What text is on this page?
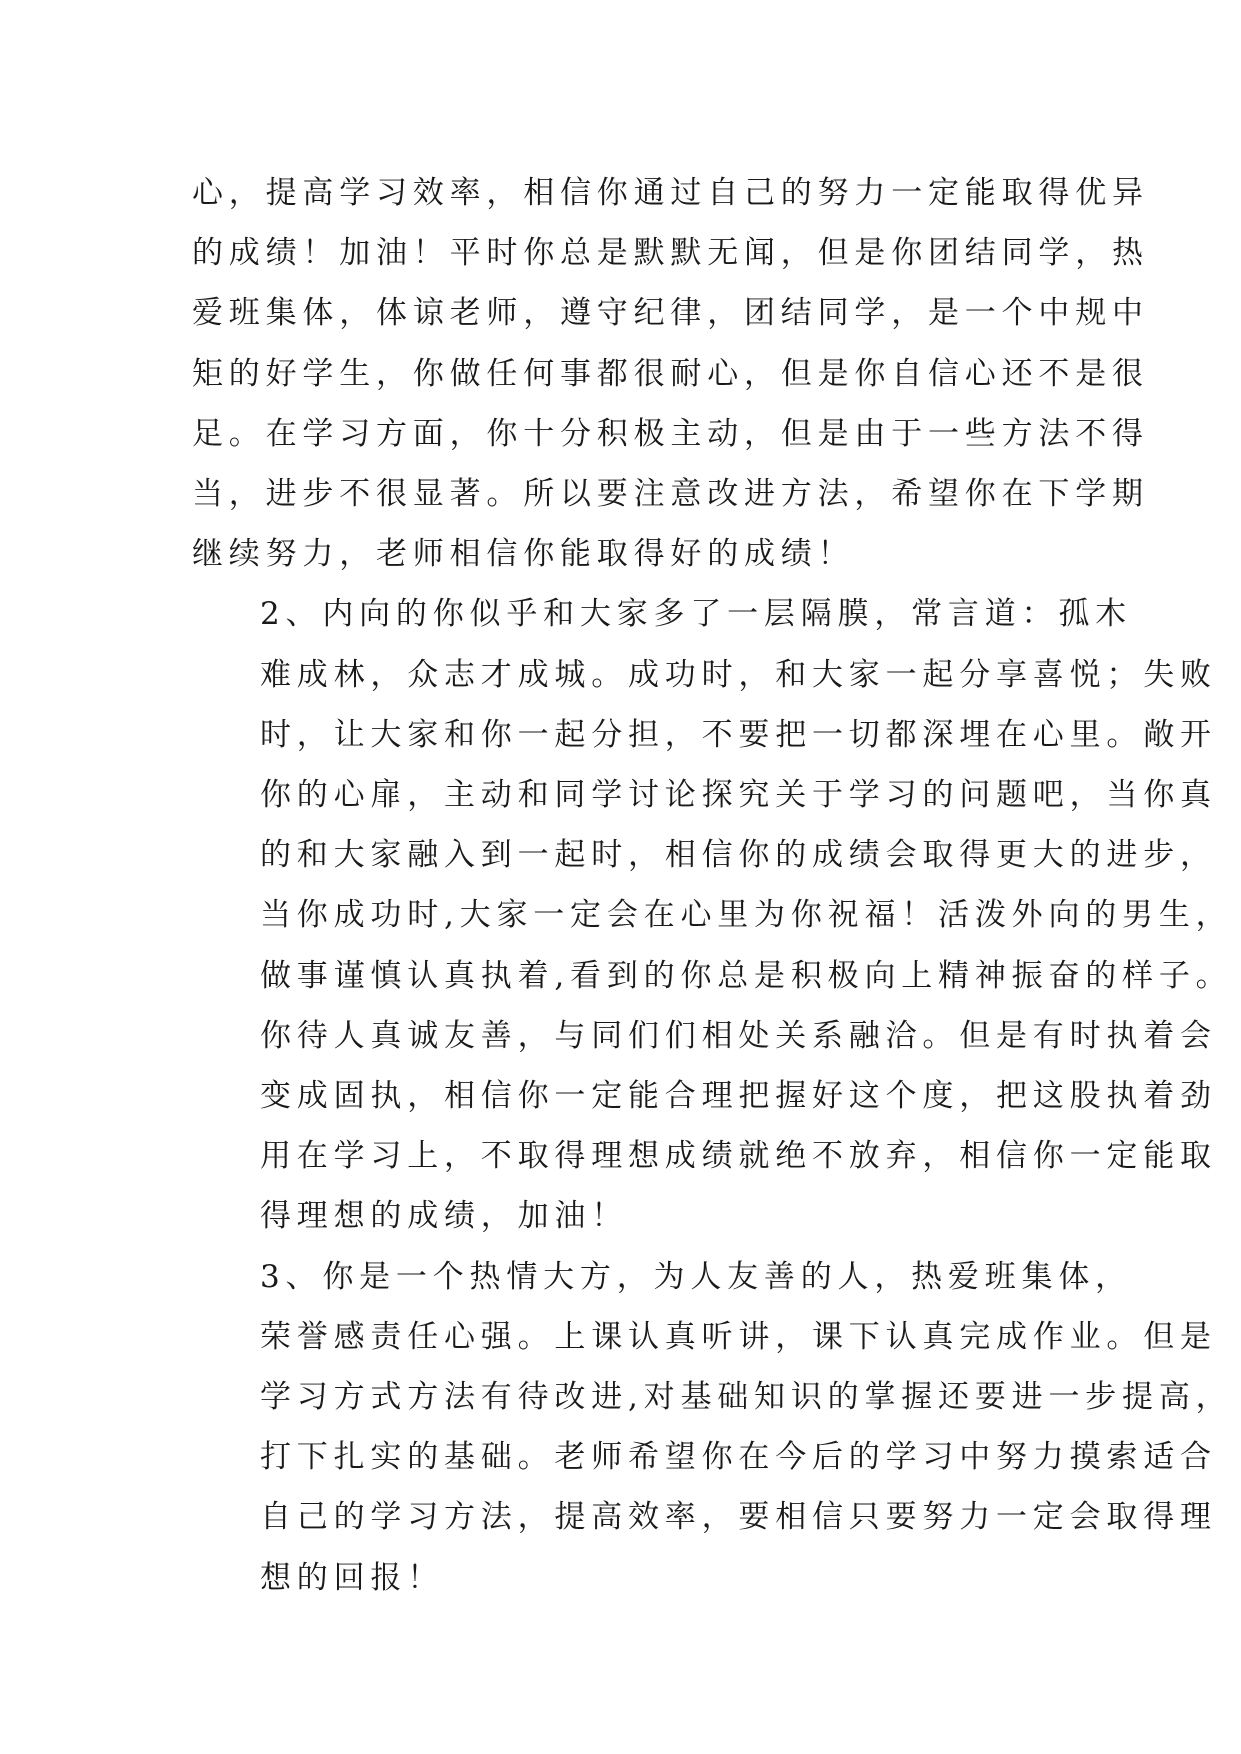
心，提高学习效率，相信你通过自己的努力一定能取得优异
的成绩！加油！平时你总是默默无闻，但是你团结同学，热
爱班集体，体谅老师，遵守纪律，团结同学，是一个中规中
矩的好学生，你做任何事都很耐心，但是你自信心还不是很
足。在学习方面，你十分积极主动，但是由于一些方法不得
当，进步不很显著。所以要注意改进方法，希望你在下学期
继续努力，老师相信你能取得好的成绩！

2、内向的你似乎和大家多了一层隔膜，常言道：孤木
难成林，众志才成城。成功时，和大家一起分享喜悦；失败
时，让大家和你一起分担，不要把一切都深埋在心里。敞开
你的心扉，主动和同学讨论探究关于学习的问题吧，当你真
的和大家融入到一起时，相信你的成绩会取得更大的进步，
当你成功时,大家一定会在心里为你祝福！活泼外向的男生，
做事谨慎认真执着,看到的你总是积极向上精神振奋的样子。
你待人真诚友善，与同们们相处关系融洽。但是有时执着会
变成固执，相信你一定能合理把握好这个度，把这股执着劲
用在学习上，不取得理想成绩就绝不放弃，相信你一定能取
得理想的成绩，加油！

3、你是一个热情大方，为人友善的人，热爱班集体，
荣誉感责任心强。上课认真听讲，课下认真完成作业。但是
学习方式方法有待改进,对基础知识的掌握还要进一步提高，
打下扎实的基础。老师希望你在今后的学习中努力摸索适合
自己的学习方法，提高效率，要相信只要努力一定会取得理
想的回报！
